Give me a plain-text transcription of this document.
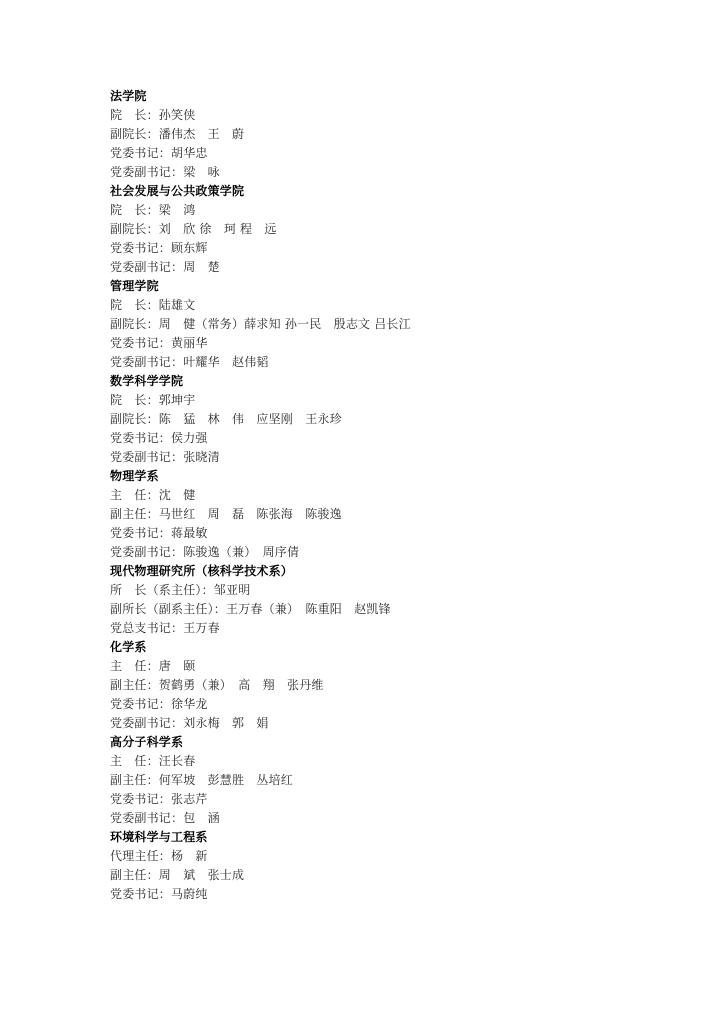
法学院
院　长：孙笑侠
副院长：潘伟杰　王　蔚
党委书记：胡华忠
党委副书记：梁　咏
社会发展与公共政策学院
院　长：梁　鸿
副院长：刘　欣 徐　珂 程　远
党委书记：顾东辉
党委副书记：周　楚
管理学院
院　长：陆雄文
副院长：周　健（常务）薛求知 孙一民　殷志文 吕长江
党委书记：黄丽华
党委副书记：叶耀华　赵伟韬
数学科学学院
院　长：郭坤宇
副院长：陈　猛　林　伟　应坚刚　王永珍
党委书记：侯力强
党委副书记：张晓清
物理学系
主　任：沈　健
副主任：马世红　周　磊　陈张海　陈骏逸
党委书记：蒋最敏
党委副书记：陈骏逸（兼）　周序倩
现代物理研究所（核科学技术系）
所　长（系主任）：邹亚明
副所长（副系主任）：王万春（兼）　陈重阳　赵凯锋
党总支书记：王万春
化学系
主　任：唐　颐
副主任：贺鹤勇（兼）　高　翔　张丹维
党委书记：徐华龙
党委副书记：刘永梅　郭　娟
高分子科学系
主　任：汪长春
副主任：何军坡　彭慧胜　丛培红
党委书记：张志芹
党委副书记：包　涵
环境科学与工程系
代理主任：杨　新
副主任：周　斌　张士成
党委书记：马蔚纯
